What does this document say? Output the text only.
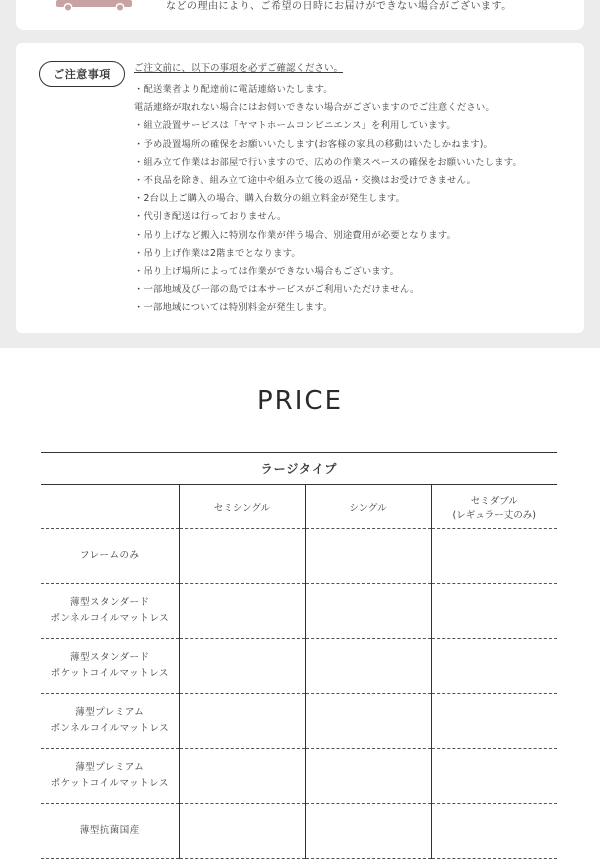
などの理由により、ご希望の日時にお届けができない場合がございます。
ご注意事項	ご注文前に、以下の事項を必ずご確認ください。
・配送業者より配達前に電話連絡いたします。
電話連絡が取れない場合にはお伺いできない場合がございますのでご注意ください。
・組立設置サービスは「ヤマトホームコンビニエンス」を利用しています。
・予め設置場所の確保をお願いいたします(お客様の家具の移動はいたしかねます)。
・組み立て作業はお部屋で行いますので、広めの作業スペースの確保をお願いいたします。
・不良品を除き、組み立て途中や組み立て後の返品・交換はお受けできません。
・2台以上ご購入の場合、購入台数分の組立料金が発生します。
・代引き配送は行っておりません。
・吊り上げなど搬入に特別な作業が伴う場合、別途費用が必要となります。
・吊り上げ作業は2階までとなります。
・吊り上げ場所によっては作業ができない場合もございます。
・一部地域及び一部の島では本サービスがご利用いただけません。
・一部地域については特別料金が発生します。
PRICE
ラージタイプ			
	セミシングル	シングル	セミダブル
(レギュラー丈のみ)

フレームのみ			

薄型スタンダード
ボンネルコイルマットレス			

薄型スタンダード
ポケットコイルマットレス			

薄型プレミアム
ボンネルコイルマットレス			

薄型プレミアム
ポケットコイルマットレス			

薄型抗菌国産			
